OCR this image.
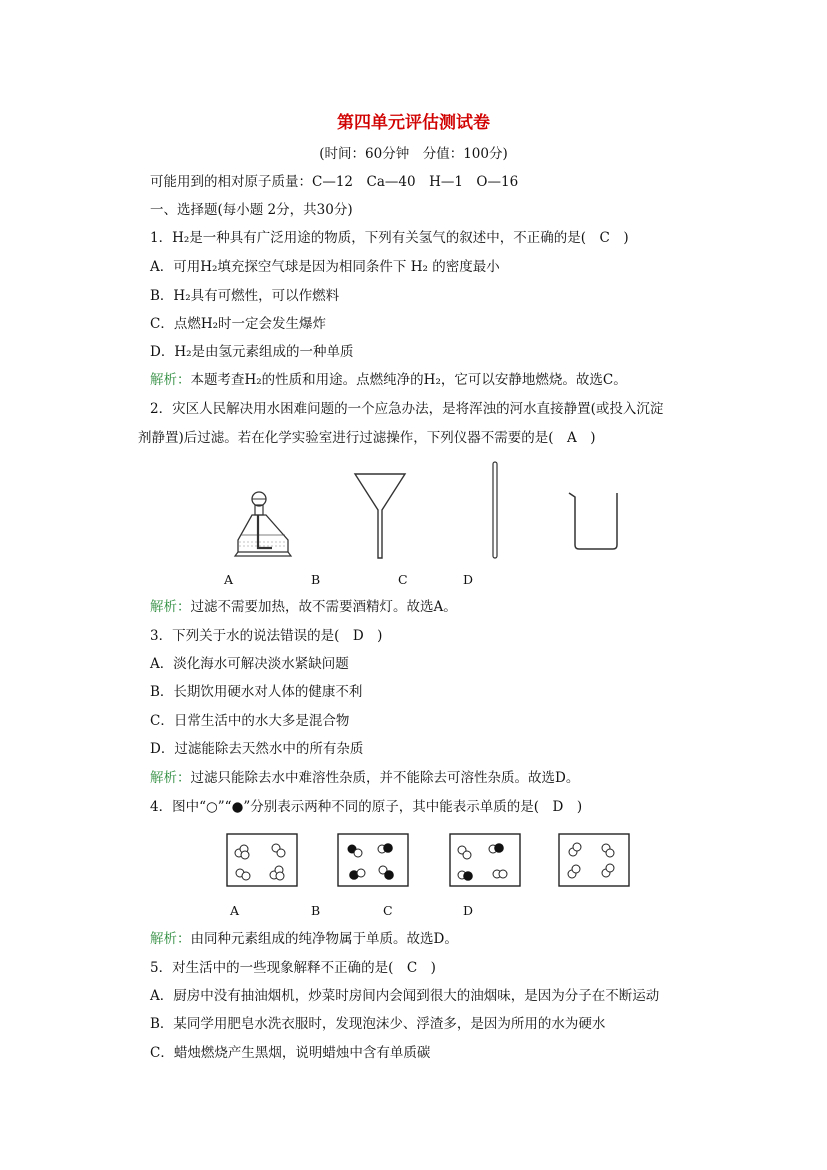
第四单元评估测试卷
(时间：60分钟　分值：100分)
可能用到的相对原子质量：C—12　Ca—40　H—1　O—16
一、选择题(每小题 2分，共30分)
1．H₂是一种具有广泛用途的物质，下列有关氢气的叙述中，不正确的是(　C　)
A．可用H₂填充探空气球是因为相同条件下 H₂ 的密度最小
B．H₂具有可燃性，可以作燃料
C．点燃H₂时一定会发生爆炸
D．H₂是由氢元素组成的一种单质
解析：本题考查H₂的性质和用途。点燃纯净的H₂，它可以安静地燃烧。故选C。
2．灾区人民解决用水困难问题的一个应急办法，是将浑浊的河水直接静置(或投入沉淀
剂静置)后过滤。若在化学实验室进行过滤操作，下列仪器不需要的是(　A　)
A	B	C	D
解析：过滤不需要加热，故不需要酒精灯。故选A。
3．下列关于水的说法错误的是(　D　)
A．淡化海水可解决淡水紧缺问题
B．长期饮用硬水对人体的健康不利
C．日常生活中的水大多是混合物
D．过滤能除去天然水中的所有杂质
解析：过滤只能除去水中难溶性杂质，并不能除去可溶性杂质。故选D。
4．图中“○”“●”分别表示两种不同的原子，其中能表示单质的是(　D　)
A	B	C	D
解析：由同种元素组成的纯净物属于单质。故选D。
5．对生活中的一些现象解释不正确的是(　C　)
A．厨房中没有抽油烟机，炒菜时房间内会闻到很大的油烟味，是因为分子在不断运动
B．某同学用肥皂水洗衣服时，发现泡沫少、浮渣多，是因为所用的水为硬水
C．蜡烛燃烧产生黑烟，说明蜡烛中含有单质碳
